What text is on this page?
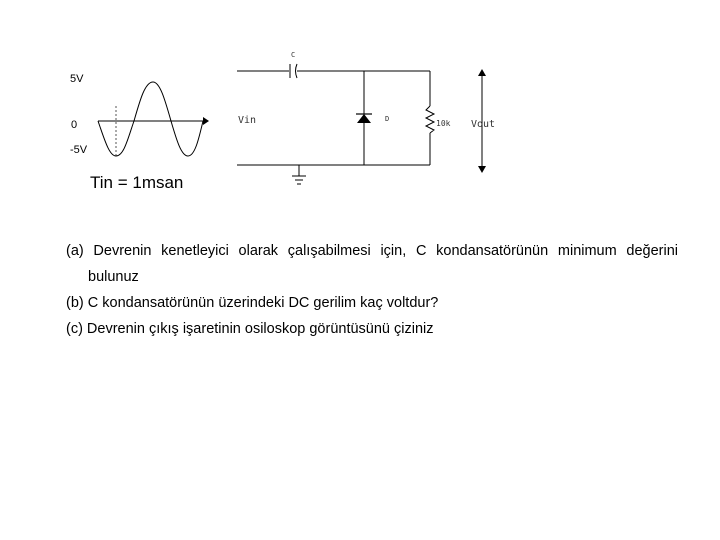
5V
0
-5V
C
Vin	D	10k Vout
Tin = 1msan
(a) Devrenin kenetleyici olarak çalışabilmesi için, C kondansatörünün minimum değerini
bulunuz
(b) C kondansatörünün üzerindeki DC gerilim kaç voltdur?
(c) Devrenin çıkış işaretinin osiloskop görüntüsünü çiziniz
